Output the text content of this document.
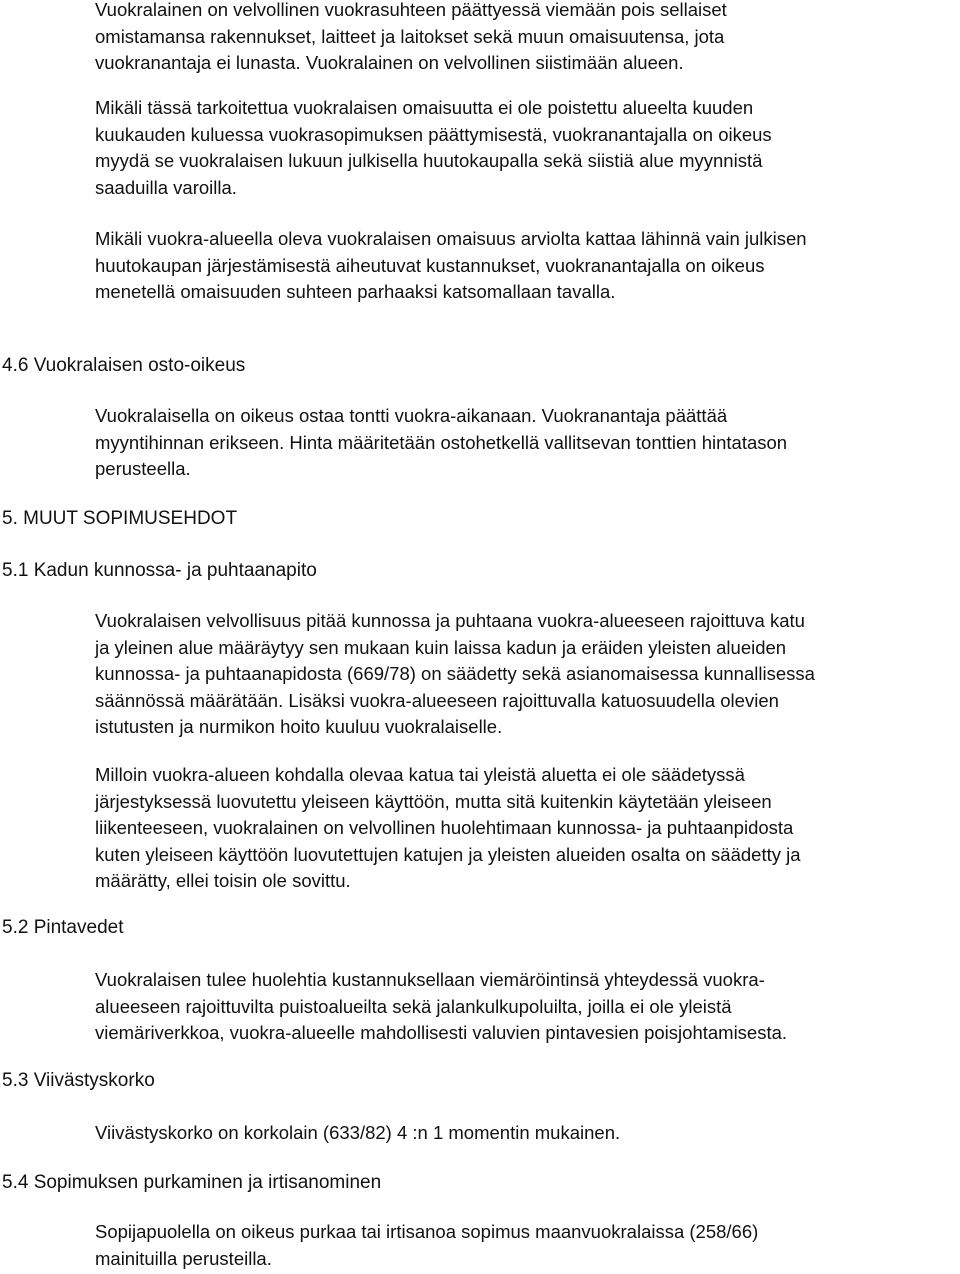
Vuokralainen on velvollinen vuokrasuhteen päättyessä viemään pois sellaiset
omistamansa rakennukset, laitteet ja laitokset sekä muun omaisuutensa, jota
vuokranantaja ei lunasta. Vuokralainen on velvollinen siistimään alueen.
Mikäli tässä tarkoitettua vuokralaisen omaisuutta ei ole poistettu alueelta kuuden
kuukauden kuluessa vuokrasopimuksen päättymisestä, vuokranantajalla on oikeus
myydä se vuokralaisen lukuun julkisella huutokaupalla sekä siistiä alue myynnistä
saaduilla varoilla.
Mikäli vuokra-alueella oleva vuokralaisen omaisuus arviolta kattaa lähinnä vain julkisen
huutokaupan järjestämisestä aiheutuvat kustannukset, vuokranantajalla on oikeus
menetellä omaisuuden suhteen parhaaksi katsomallaan tavalla.
4.6 Vuokralaisen osto-oikeus
Vuokralaisella on oikeus ostaa tontti vuokra-aikanaan. Vuokranantaja päättää
myyntihinnan erikseen. Hinta määritetään ostohetkellä vallitsevan tonttien hintatason
perusteella.
5. MUUT SOPIMUSEHDOT
5.1 Kadun kunnossa- ja puhtaanapito
Vuokralaisen velvollisuus pitää kunnossa ja puhtaana vuokra-alueeseen rajoittuva katu
ja yleinen alue määräytyy sen mukaan kuin laissa kadun ja eräiden yleisten alueiden
kunnossa- ja puhtaanapidosta (669/78) on säädetty sekä asianomaisessa kunnallisessa
säännössä määrätään. Lisäksi vuokra-alueeseen rajoittuvalla katuosuudella olevien
istutusten ja nurmikon hoito kuuluu vuokralaiselle.
Milloin vuokra-alueen kohdalla olevaa katua tai yleistä aluetta ei ole säädetyssä
järjestyksessä luovutettu yleiseen käyttöön, mutta sitä kuitenkin käytetään yleiseen
liikenteeseen, vuokralainen on velvollinen huolehtimaan kunnossa- ja puhtaanpidosta
kuten yleiseen käyttöön luovutettujen katujen ja yleisten alueiden osalta on säädetty ja
määrätty, ellei toisin ole sovittu.
5.2 Pintavedet
Vuokralaisen tulee huolehtia kustannuksellaan viemäröintinsä yhteydessä vuokra-
alueeseen rajoittuvilta puistoalueilta sekä jalankulkupoluilta, joilla ei ole yleistä
viemäriverkkoa, vuokra-alueelle mahdollisesti valuvien pintavesien poisjohtamisesta.
5.3 Viivästyskorko
Viivästyskorko on korkolain (633/82) 4 :n 1 momentin mukainen.
5.4 Sopimuksen purkaminen ja irtisanominen
Sopijapuolella on oikeus purkaa tai irtisanoa sopimus maanvuokralaissa (258/66)
mainituilla perusteilla.
